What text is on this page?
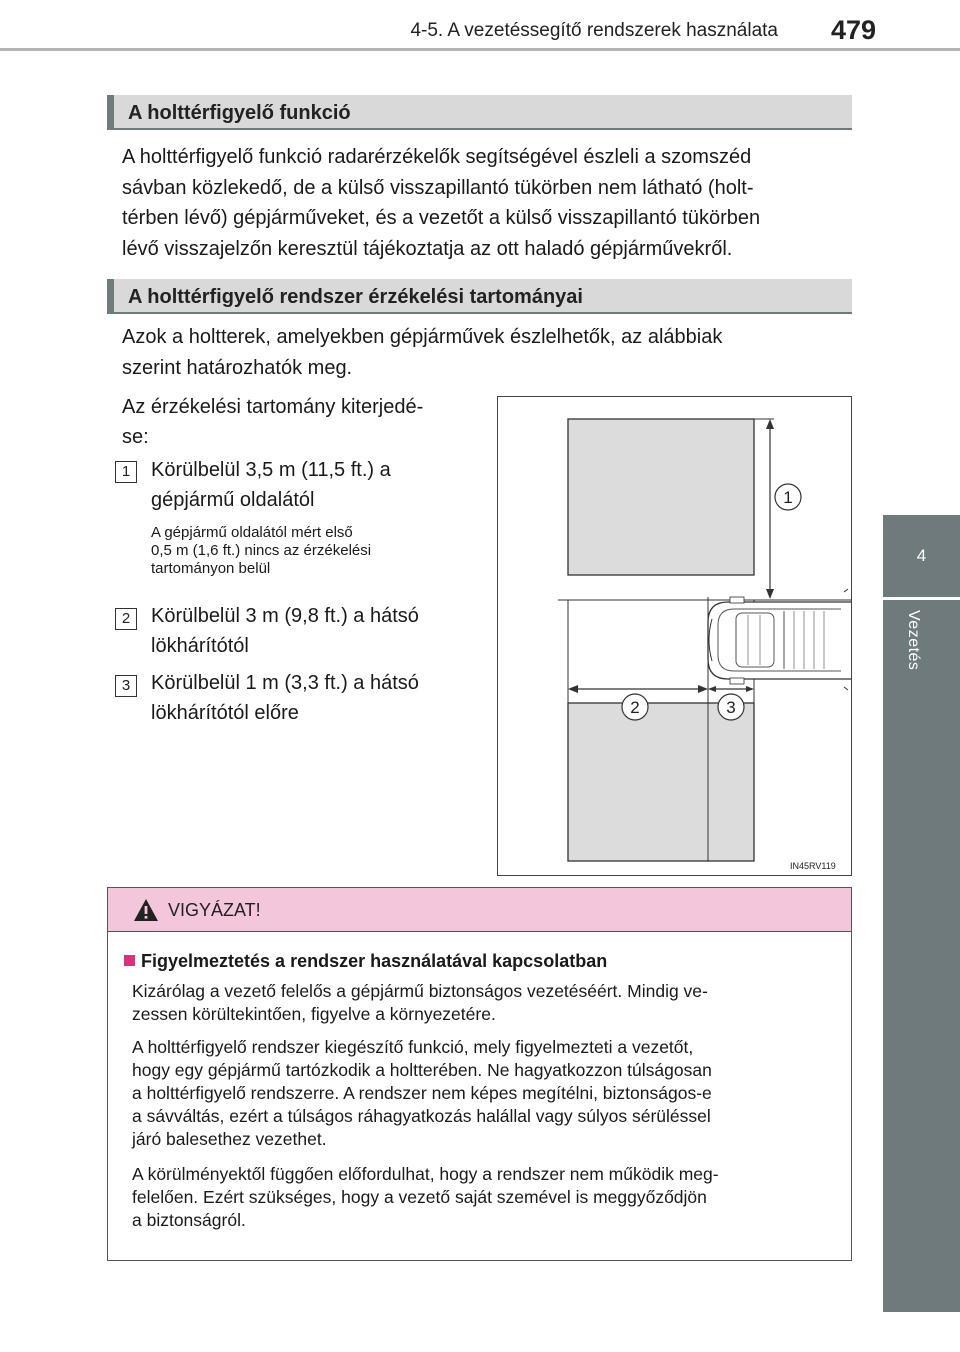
4-5. A vezetéssegítő rendszerek használata 479
4
Vezetés
A holttérfigyelő funkció
A holttérfigyelő funkció radarérzékelők segítségével észleli a szomszéd
sávban közlekedő, de a külső visszapillantó tükörben nem látható (holt-
térben lévő) gépjárműveket, és a vezetőt a külső visszapillantó tükörben
lévő visszajelzőn keresztül tájékoztatja az ott haladó gépjárművekről.
A holttérfigyelő rendszer érzékelési tartományai
Azok a holtterek, amelyekben gépjárművek észlelhetők, az alábbiak
szerint határozhatók meg.
Az érzékelési tartomány kiterjedé-
se:
1	Körülbelül 3,5 m (11,5 ft.) a
gépjármű oldalától
A gépjármű oldalától mért első
0,5 m (1,6 ft.) nincs az érzékelési
tartományon belül
2	Körülbelül 3 m (9,8 ft.) a hátsó
lökhárítótól
3	Körülbelül 1 m (3,3 ft.) a hátsó
lökhárítótól előre
1
2	3
IN45RV119
VIGYÁZAT!
Figyelmeztetés a rendszer használatával kapcsolatban
Kizárólag a vezető felelős a gépjármű biztonságos vezetéséért. Mindig ve-
zessen körültekintően, figyelve a környezetére.
A holttérfigyelő rendszer kiegészítő funkció, mely figyelmezteti a vezetőt,
hogy egy gépjármű tartózkodik a holtterében. Ne hagyatkozzon túlságosan
a holttérfigyelő rendszerre. A rendszer nem képes megítélni, biztonságos-e
a sávváltás, ezért a túlságos ráhagyatkozás halállal vagy súlyos sérüléssel
járó balesethez vezethet.
A körülményektől függően előfordulhat, hogy a rendszer nem működik meg-
felelően. Ezért szükséges, hogy a vezető saját szemével is meggyőződjön
a biztonságról.
